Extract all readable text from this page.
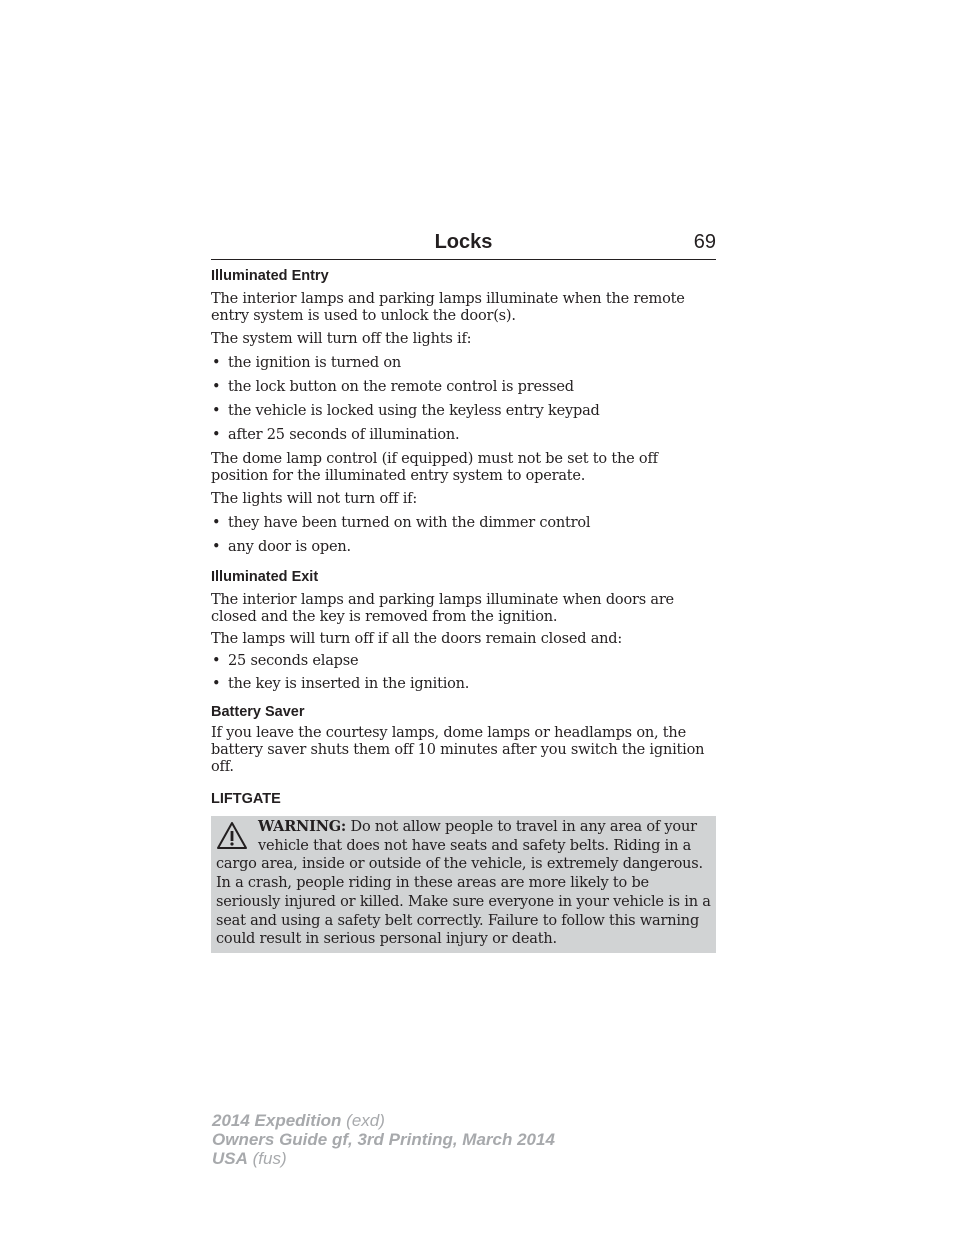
Locks	69
Illuminated Entry

The interior lamps and parking lamps illuminate when the remote entry system is used to unlock the door(s).

The system will turn off the lights if:

• the ignition is turned on
• the lock button on the remote control is pressed
• the vehicle is locked using the keyless entry keypad
• after 25 seconds of illumination.

The dome lamp control (if equipped) must not be set to the off position for the illuminated entry system to operate.

The lights will not turn off if:

• they have been turned on with the dimmer control
• any door is open.
Illuminated Exit

The interior lamps and parking lamps illuminate when doors are closed and the key is removed from the ignition.

The lamps will turn off if all the doors remain closed and:

• 25 seconds elapse
• the key is inserted in the ignition.
Battery Saver

If you leave the courtesy lamps, dome lamps or headlamps on, the battery saver shuts them off 10 minutes after you switch the ignition off.

LIFTGATE

WARNING: Do not allow people to travel in any area of your

vehicle that does not have seats and safety belts. Riding in a

cargo area, inside or outside of the vehicle, is extremely dangerous. In a crash, people riding in these areas are more likely to be seriously injured or killed. Make sure everyone in your vehicle is in a seat and using a safety belt correctly. Failure to follow this warning could result in serious personal injury or death.

2014 Expedition (exd)
Owners Guide gf, 3rd Printing, March 2014
USA (fus)
